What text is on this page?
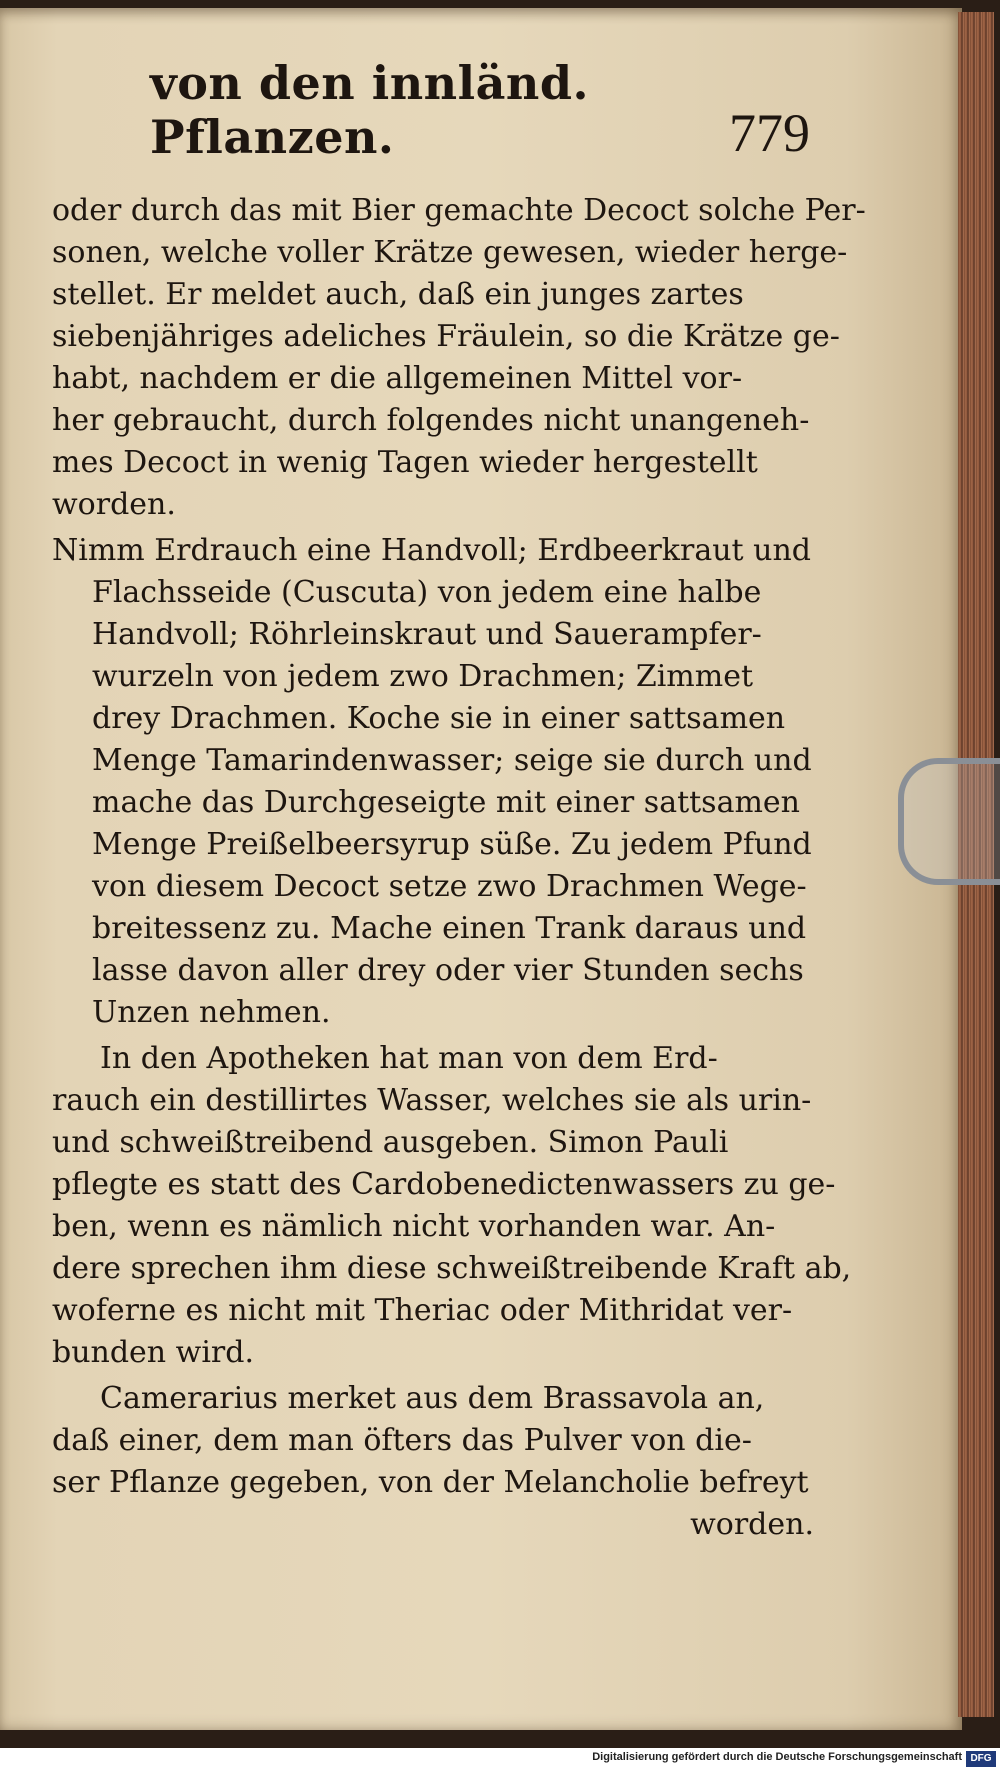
von den innländ. Pflanzen.	779
oder durch das mit Bier gemachte Decoct solche Per-
sonen, welche voller Krätze gewesen, wieder herge-
stellet. Er meldet auch, daß ein junges zartes
siebenjähriges adeliches Fräulein, so die Krätze ge-
habt, nachdem er die allgemeinen Mittel vor-
her gebraucht, durch folgendes nicht unangeneh-
mes Decoct in wenig Tagen wieder hergestellt
worden.
Nimm Erdrauch eine Handvoll; Erdbeerkraut und
Flachsseide (Cuscuta) von jedem eine halbe
Handvoll; Röhrleinskraut und Sauerampfer-
wurzeln von jedem zwo Drachmen; Zimmet
drey Drachmen. Koche sie in einer sattsamen
Menge Tamarindenwasser; seige sie durch und
mache das Durchgeseigte mit einer sattsamen
Menge Preißelbeersyrup süße. Zu jedem Pfund
von diesem Decoct setze zwo Drachmen Wege-
breitessenz zu. Mache einen Trank daraus und
lasse davon aller drey oder vier Stunden sechs
Unzen nehmen.
In den Apotheken hat man von dem Erd-
rauch ein destillirtes Wasser, welches sie als urin-
und schweißtreibend ausgeben. Simon Pauli
pflegte es statt des Cardobenedictenwassers zu ge-
ben, wenn es nämlich nicht vorhanden war. An-
dere sprechen ihm diese schweißtreibende Kraft ab,
woferne es nicht mit Theriac oder Mithridat ver-
bunden wird.
Camerarius merket aus dem Brassavola an,
daß einer, dem man öfters das Pulver von die-
ser Pflanze gegeben, von der Melancholie befreyt
worden.
Digitalisierung gefördert durch die Deutsche Forschungsgemeinschaft DFG
